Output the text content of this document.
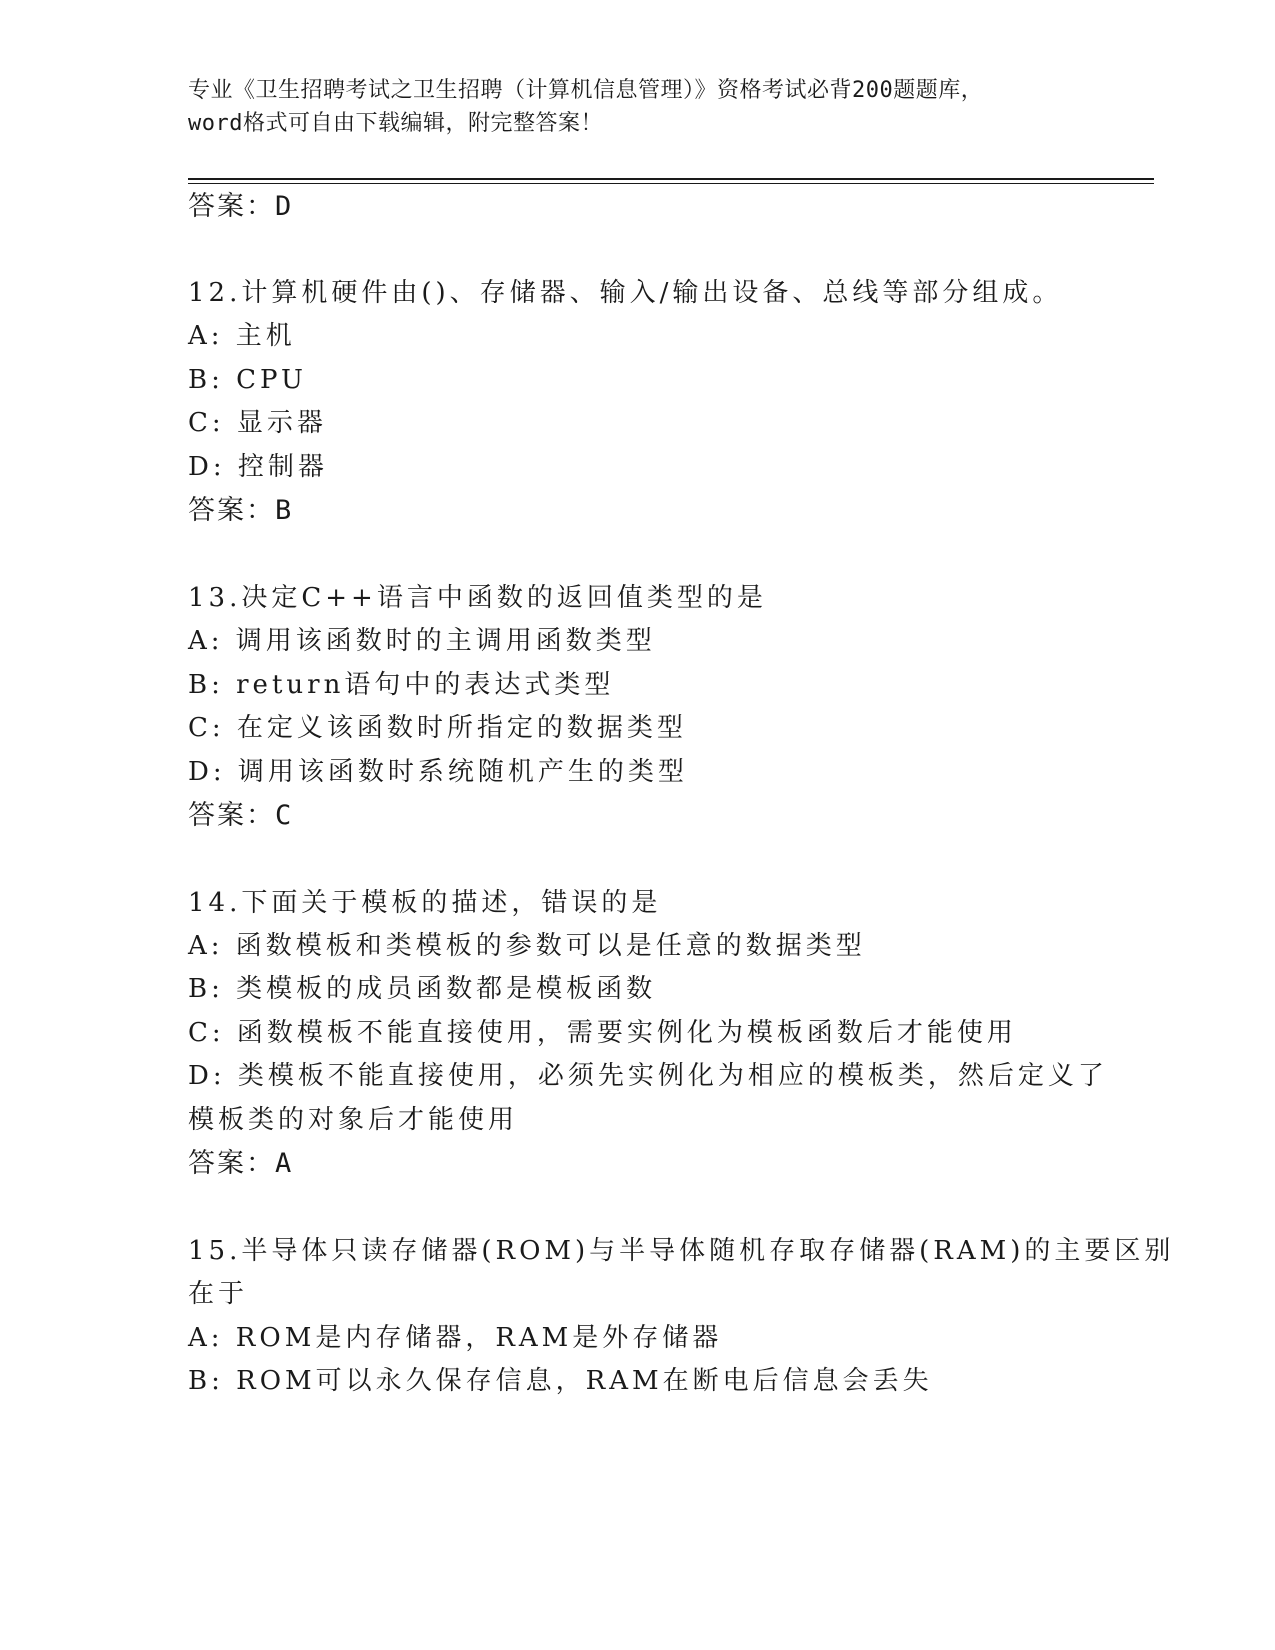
专业《卫生招聘考试之卫生招聘（计算机信息管理）》资格考试必背200题题库，
word格式可自由下载编辑，附完整答案！
答案：D
12.计算机硬件由()、存储器、输入/输出设备、总线等部分组成。
A: 主机
B: CPU
C: 显示器
D: 控制器
答案：B
13.决定C++语言中函数的返回值类型的是
A: 调用该函数时的主调用函数类型
B: return语句中的表达式类型
C: 在定义该函数时所指定的数据类型
D: 调用该函数时系统随机产生的类型
答案：C
14.下面关于模板的描述，错误的是
A: 函数模板和类模板的参数可以是任意的数据类型
B: 类模板的成员函数都是模板函数
C: 函数模板不能直接使用，需要实例化为模板函数后才能使用
D: 类模板不能直接使用，必须先实例化为相应的模板类，然后定义了
模板类的对象后才能使用
答案：A
15.半导体只读存储器(ROM)与半导体随机存取存储器(RAM)的主要区别
在于
A: ROM是内存储器，RAM是外存储器
B: ROM可以永久保存信息，RAM在断电后信息会丢失
